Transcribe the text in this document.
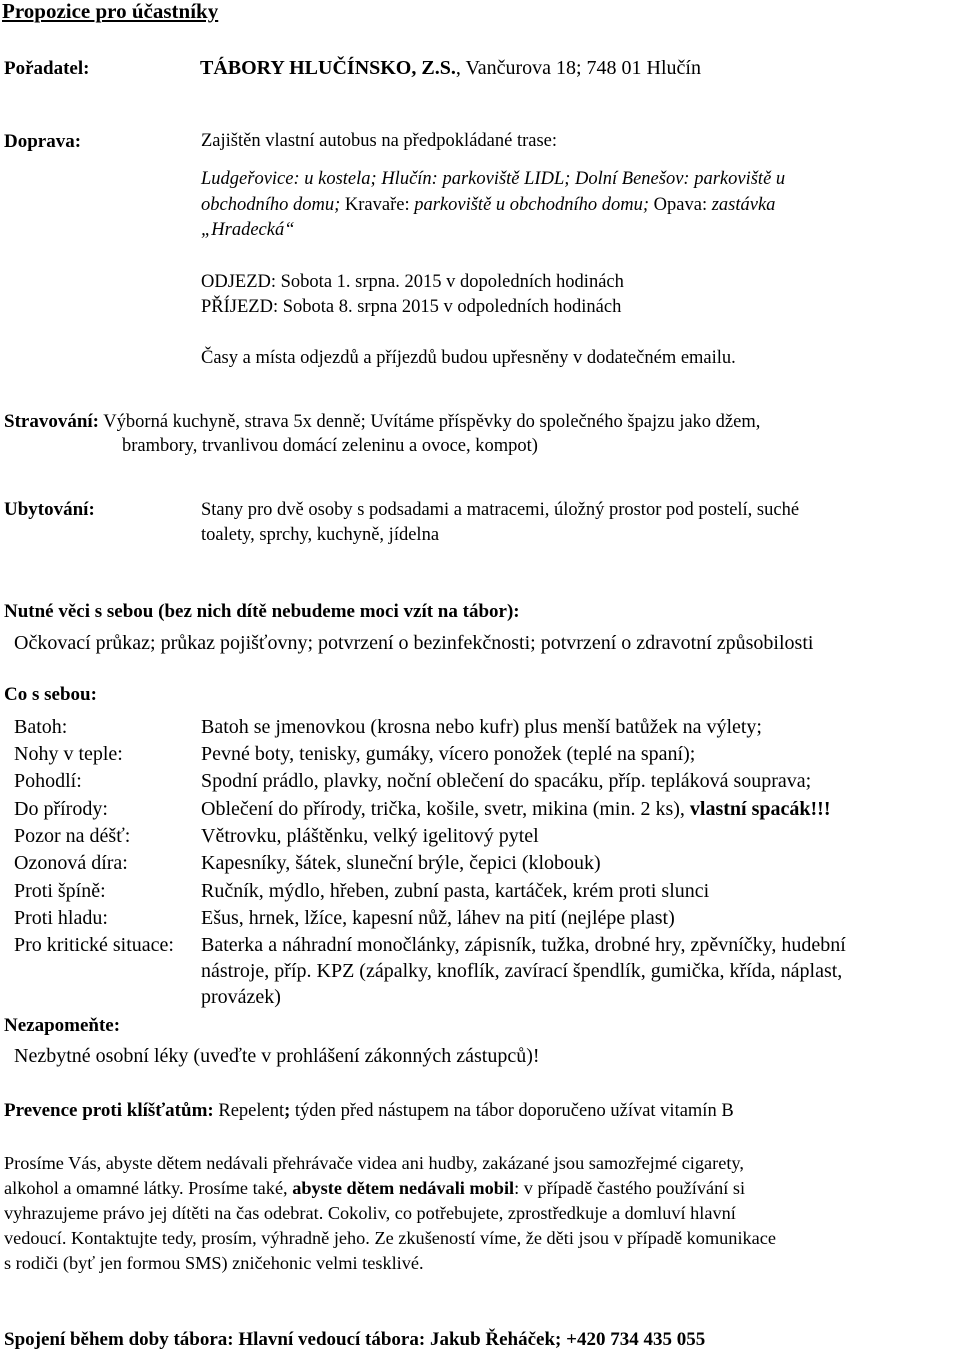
Propozice pro účastníky
Pořadatel:	TÁBORY HLUČÍNSKO, Z.S., Vančurova 18; 748 01 Hlučín
Doprava:	Zajištěn vlastní autobus na předpokládané trase:
Ludgeřovice: u kostela; Hlučín: parkoviště LIDL; Dolní Benešov: parkoviště u
obchodního domu; Kravaře: parkoviště u obchodního domu; Opava: zastávka
„Hradecká“
ODJEZD: Sobota 1. srpna. 2015 v dopoledních hodinách
PŘÍJEZD: Sobota 8. srpna 2015 v odpoledních hodinách
Časy a místa odjezdů a příjezdů budou upřesněny v dodatečném emailu.
Stravování: Výborná kuchyně, strava 5x denně; Uvítáme příspěvky do společného špajzu jako džem,
brambory, trvanlivou domácí zeleninu a ovoce, kompot)
Ubytování:	Stany pro dvě osoby s podsadami a matracemi, úložný prostor pod postelí, suché
toalety, sprchy, kuchyně, jídelna
Nutné věci s sebou (bez nich dítě nebudeme moci vzít na tábor):
Očkovací průkaz; průkaz pojišťovny; potvrzení o bezinfekčnosti; potvrzení o zdravotní způsobilosti
Co s sebou:
Batoh:	Batoh se jmenovkou (krosna nebo kufr) plus menší batůžek na výlety;
Nohy v teple:	Pevné boty, tenisky, gumáky, vícero ponožek (teplé na spaní);
Pohodlí:	Spodní prádlo, plavky, noční oblečení do spacáku, příp. tepláková souprava;
Do přírody:	Oblečení do přírody, trička, košile, svetr, mikina (min. 2 ks), vlastní spacák!!!
Pozor na déšť:	Větrovku, pláštěnku, velký igelitový pytel
Ozonová díra:	Kapesníky, šátek, sluneční brýle, čepici (klobouk)
Proti špíně:	Ručník, mýdlo, hřeben, zubní pasta, kartáček, krém proti slunci
Proti hladu:	Ešus, hrnek, lžíce, kapesní nůž, láhev na pití (nejlépe plast)
Pro kritické situace: Baterka a náhradní monočlánky, zápisník, tužka, drobné hry, zpěvníčky, hudební
nástroje, příp. KPZ (zápalky, knoflík, zavírací špendlík, gumička, křída, náplast,
provázek)
Nezapomeňte:
Nezbytné osobní léky (uveďte v prohlášení zákonných zástupců)!
Prevence proti klíšťatům: Repelent; týden před nástupem na tábor doporučeno užívat vitamín B
Prosíme Vás, abyste dětem nedávali přehrávače videa ani hudby, zakázané jsou samozřejmé cigarety,
alkohol a omamné látky. Prosíme také, abyste dětem nedávali mobil: v případě častého používání si
vyhrazujeme právo jej dítěti na čas odebrat. Cokoliv, co potřebujete, zprostředkuje a domluví hlavní
vedoucí. Kontaktujte tedy, prosím, výhradně jeho. Ze zkušeností víme, že děti jsou v případě komunikace
s rodiči (byť jen formou SMS) zničehonic velmi tesklivé.
Spojení během doby tábora: Hlavní vedoucí tábora: Jakub Řeháček; +420 734 435 055
